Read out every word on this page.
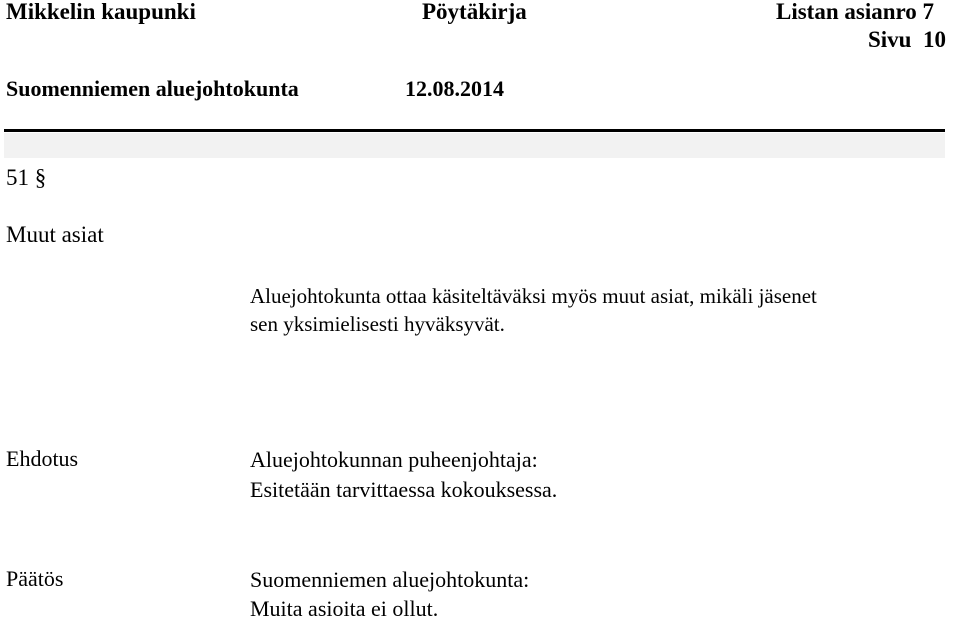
Mikkelin kaupunki	Pöytäkirja	Listan asianro 7
Sivu  10
Suomenniemen aluejohtokunta	12.08.2014
51 §
Muut asiat
Aluejohtokunta ottaa käsiteltäväksi myös muut asiat, mikäli jäsenet
sen yksimielisesti hyväksyvät.
Ehdotus	Aluejohtokunnan puheenjohtaja:
Esitetään tarvittaessa kokouksessa.
Päätös	Suomenniemen aluejohtokunta:
Muita asioita ei ollut.
